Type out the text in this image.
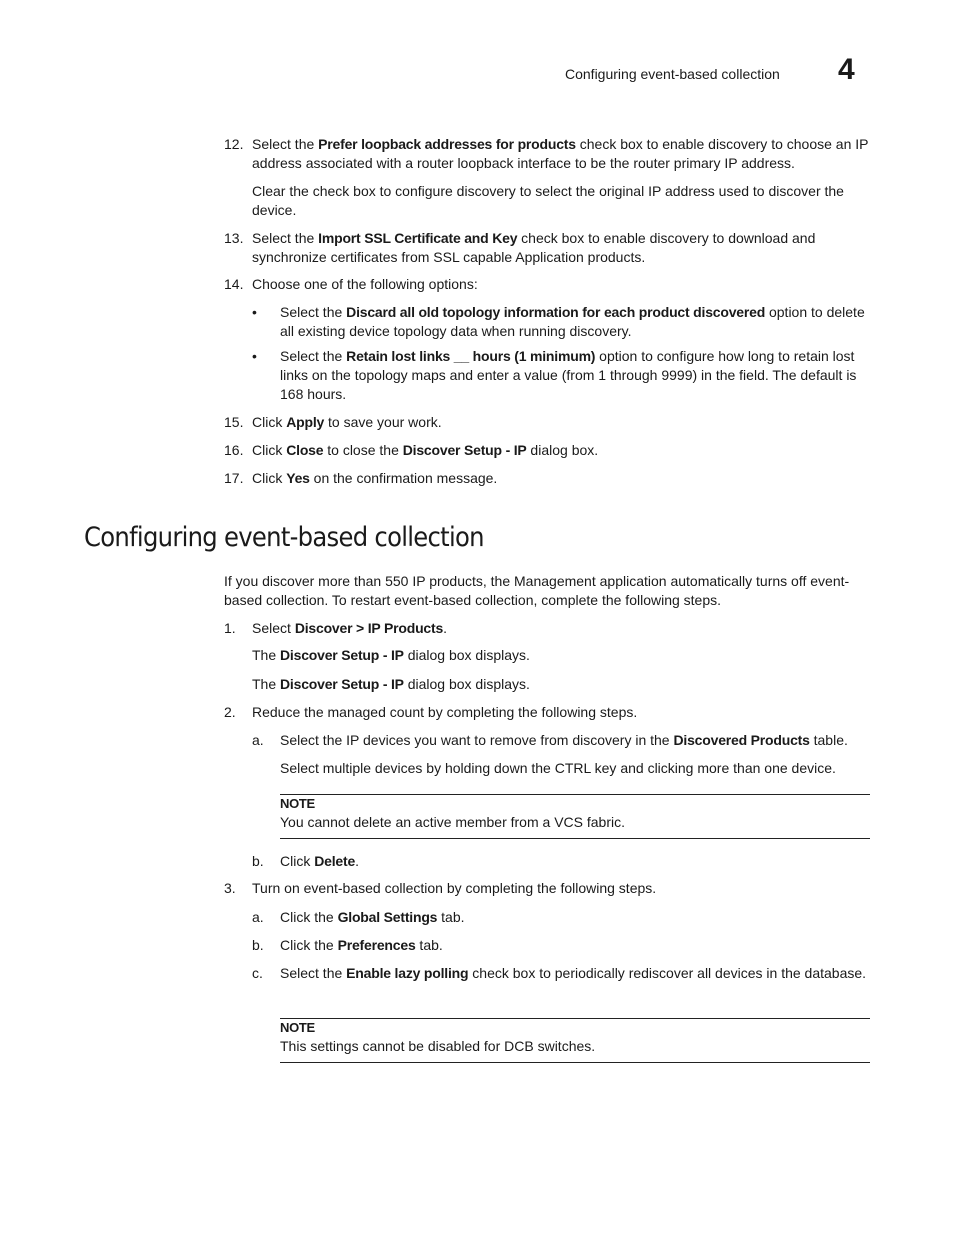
Configuring event-based collection 4
12. Select the Prefer loopback addresses for products check box to enable discovery to choose an IP address associated with a router loopback interface to be the router primary IP address.
Clear the check box to configure discovery to select the original IP address used to discover the device.
13. Select the Import SSL Certificate and Key check box to enable discovery to download and synchronize certificates from SSL capable Application products.
14. Choose one of the following options:
• Select the Discard all old topology information for each product discovered option to delete all existing device topology data when running discovery.
• Select the Retain lost links __ hours (1 minimum) option to configure how long to retain lost links on the topology maps and enter a value (from 1 through 9999) in the field. The default is 168 hours.
15. Click Apply to save your work.
16. Click Close to close the Discover Setup - IP dialog box.
17. Click Yes on the confirmation message.
Configuring event-based collection
If you discover more than 550 IP products, the Management application automatically turns off event-based collection. To restart event-based collection, complete the following steps.
1. Select Discover > IP Products.
The Discover Setup - IP dialog box displays.
The Discover Setup - IP dialog box displays.
2. Reduce the managed count by completing the following steps.
a. Select the IP devices you want to remove from discovery in the Discovered Products table.
Select multiple devices by holding down the CTRL key and clicking more than one device.
NOTE
You cannot delete an active member from a VCS fabric.
b. Click Delete.
3. Turn on event-based collection by completing the following steps.
a. Click the Global Settings tab.
b. Click the Preferences tab.
c. Select the Enable lazy polling check box to periodically rediscover all devices in the database.
NOTE
This settings cannot be disabled for DCB switches.
